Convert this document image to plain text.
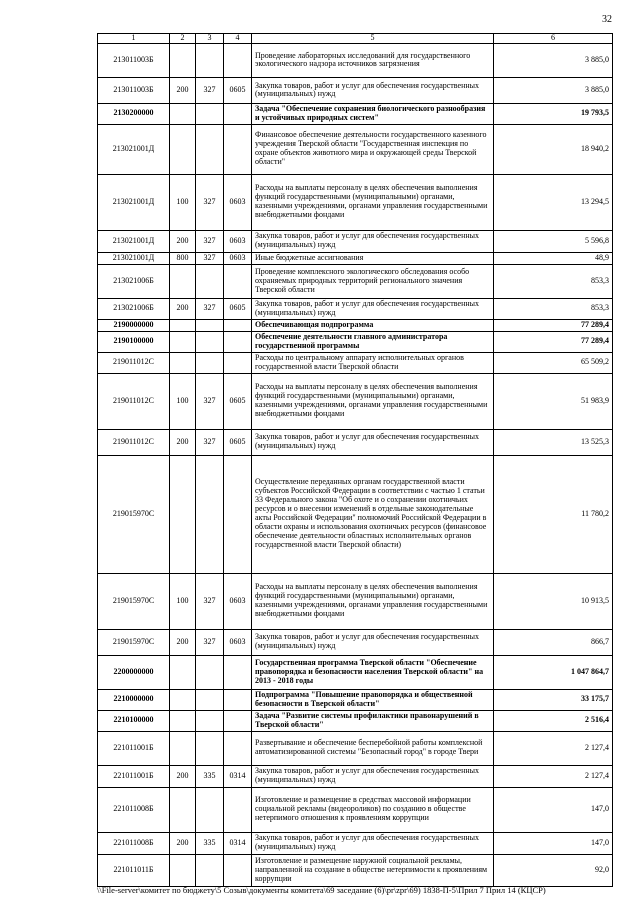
32
1	2	3	4	5	6
213011003Б				Проведение лабораторных исследований для государственного экологического надзора источников загрязнения	3 885,0
213011003Б	200	327	0605	Закупка товаров, работ и услуг для обеспечения государственных (муниципальных) нужд	3 885,0
2130200000				Задача "Обеспечение сохранения биологического разнообразия и устойчивых природных систем"	19 793,5
213021001Д				Финансовое обеспечение деятельности государственного казенного учреждения Тверской области "Государственная инспекция по охране объектов животного мира и окружающей среды Тверской области"	18 940,2
213021001Д	100	327	0603	Расходы на выплаты персоналу в целях обеспечения выполнения функций государственными (муниципальными) органами, казенными учреждениями, органами управления государственными внебюджетными фондами	13 294,5
213021001Д	200	327	0603	Закупка товаров, работ и услуг для обеспечения государственных (муниципальных) нужд	5 596,8
213021001Д	800	327	0603	Иные бюджетные ассигнования	48,9
213021006Б				Проведение комплексного экологического обследования особо охраняемых природных территорий регионального значения Тверской области	853,3
213021006Б	200	327	0605	Закупка товаров, работ и услуг для обеспечения государственных (муниципальных) нужд	853,3
2190000000				Обеспечивающая подпрограмма	77 289,4
2190100000				Обеспечение деятельности главного администратора государственной программы	77 289,4
219011012С				Расходы по центральному аппарату исполнительных органов государственной власти Тверской области	65 509,2
219011012С	100	327	0605	Расходы на выплаты персоналу в целях обеспечения выполнения функций государственными (муниципальными) органами, казенными учреждениями, органами управления государственными внебюджетными фондами	51 983,9
219011012С	200	327	0605	Закупка товаров, работ и услуг для обеспечения государственных (муниципальных) нужд	13 525,3
219015970С				Осуществление переданных органам государственной власти субъектов Российской Федерации в соответствии с частью 1 статьи 33 Федерального закона "Об охоте и о сохранении охотничьих ресурсов и о внесении изменений в отдельные законодательные акты Российской Федерации" полномочий Российской Федерации в области охраны и использования охотничьих ресурсов (финансовое обеспечение деятельности областных исполнительных органов государственной власти Тверской области)	11 780,2
219015970С	100	327	0603	Расходы на выплаты персоналу в целях обеспечения выполнения функций государственными (муниципальными) органами, казенными учреждениями, органами управления государственными внебюджетными фондами	10 913,5
219015970С	200	327	0603	Закупка товаров, работ и услуг для обеспечения государственных (муниципальных) нужд	866,7
2200000000				Государственная программа Тверской области "Обеспечение правопорядка и безопасности населения Тверской области" на 2013 - 2018 годы	1 047 864,7
2210000000				Подпрограмма "Повышение правопорядка и общественной безопасности в Тверской области"	33 175,7
2210100000				Задача "Развитие системы профилактики правонарушений в Тверской области"	2 516,4
221011001Б				Развертывание и обеспечение бесперебойной работы комплексной автоматизированной системы "Безопасный город" в городе Твери	2 127,4
221011001Б	200	335	0314	Закупка товаров, работ и услуг для обеспечения государственных (муниципальных) нужд	2 127,4
221011008Б				Изготовление и размещение в средствах массовой информации социальной рекламы (видеороликов) по созданию в обществе нетерпимого отношения к проявлениям коррупции	147,0
221011008Б	200	335	0314	Закупка товаров, работ и услуг для обеспечения государственных (муниципальных) нужд	147,0
221011011Б				Изготовление и размещение наружной социальной рекламы, направленной на создание в обществе нетерпимости к проявлениям коррупции	92,0
\\File-server\комитет по бюджету\5 Созыв\документы комитета\69 заседание (6)\pr\zpr\69) 1838-П-5\Прил 7 Прил 14 (КЦСР)
